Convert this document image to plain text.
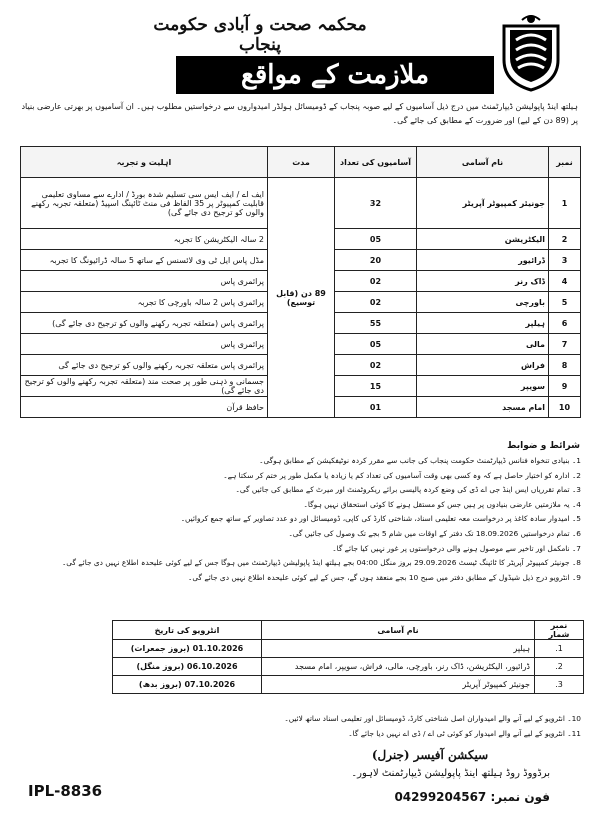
محکمہ صحت و آبادی حکومت پنجاب
ملازمت کے مواقع
ہیلتھ اینڈ پاپولیشن ڈیپارٹمنٹ میں درج ذیل آسامیوں کے لیے صوبہ پنجاب کے ڈومیسائل ہولڈر امیدواروں سے درخواستیں مطلوب ہیں۔ ان آسامیوں پر بھرتی عارضی بنیاد پر (89 دن کے لیے) اور ضرورت کے مطابق کی جائے گی۔
نمبر	نام آسامی	آسامیوں کی تعداد	مدت	اہلیت و تجربہ
1	جونیئر کمپیوٹر آپریٹر	32	89 دن (قابل توسیع)	ایف اے / ایف ایس سی تسلیم شدہ بورڈ / ادارے سے مساوی تعلیمی قابلیت کمپیوٹر پر 35 الفاظ فی منٹ ٹائپنگ اسپیڈ (متعلقہ تجربہ رکھنے والوں کو ترجیح دی جائے گی)
2	الیکٹریشن	05		2 سالہ الیکٹریشن کا تجربہ
3	ڈرائیور	20		مڈل پاس ایل ٹی وی لائسنس کے ساتھ 5 سالہ ڈرائیونگ کا تجربہ
4	ڈاک رنر	02		پرائمری پاس
5	باورچی	02		پرائمری پاس 2 سالہ باورچی کا تجربہ
6	ہیلپر	55		پرائمری پاس (متعلقہ تجربہ رکھنے والوں کو ترجیح دی جائے گی)
7	مالی	05		پرائمری پاس
8	فراش	02		پرائمری پاس متعلقہ تجربہ رکھنے والوں کو ترجیح دی جائے گی
9	سویپر	15		جسمانی و ذہنی طور پر صحت مند (متعلقہ تجربہ رکھنے والوں کو ترجیح دی جائے گی)
10	امام مسجد	01		حافظ قرآن
شرائط و ضوابط
1۔ بنیادی تنخواہ فنانس ڈیپارٹمنٹ حکومت پنجاب کی جانب سے مقرر کردہ نوٹیفکیشن کے مطابق ہوگی۔
2۔ ادارہ کو اختیار حاصل ہے کہ وہ کسی بھی وقت آسامیوں کی تعداد کم یا زیادہ یا مکمل طور پر ختم کر سکتا ہے۔
3۔ تمام تقرریاں ایس اینڈ جی اے ڈی کی وضع کردہ پالیسی برائے ریکروٹمنٹ اور میرٹ کے مطابق کی جائیں گی۔
4۔ یہ ملازمتیں عارضی بنیادوں پر ہیں جس کو مستقل ہونے کا کوئی استحقاق نہیں ہوگا۔
5۔ امیدوار سادہ کاغذ پر درخواست معہ تعلیمی اسناد، شناختی کارڈ کی کاپی، ڈومیسائل اور دو عدد تصاویر کے ساتھ جمع کروائیں۔
6۔ تمام درخواستیں 18.09.2026 تک دفتر کے اوقات میں شام 5 بجے تک وصول کی جائیں گی۔
7۔ نامکمل اور تاخیر سے موصول ہونے والی درخواستوں پر غور نہیں کیا جائے گا۔
8۔ جونیئر کمپیوٹر آپریٹر کا ٹائپنگ ٹیسٹ 29.09.2026 بروز منگل 04:00 بجے ہیلتھ اینڈ پاپولیشن ڈیپارٹمنٹ میں ہوگا جس کے لیے کوئی علیحدہ اطلاع نہیں دی جائے گی۔
9۔ انٹرویو درج ذیل شیڈول کے مطابق دفتر میں صبح 10 بجے منعقد ہوں گے، جس کے لیے کوئی علیحدہ اطلاع نہیں دی جائے گی۔
نمبر شمار	نام آسامی	انٹرویو کی تاریخ
1.	ہیلپر	01.10.2026 (بروز جمعرات)
2.	ڈرائیور، الیکٹریشن، ڈاک رنر، باورچی، مالی، فراش، سویپر، امام مسجد	06.10.2026 (بروز منگل)
3.	جونیئر کمپیوٹر آپریٹر	07.10.2026 (بروز بدھ)
10۔ انٹرویو کے لیے آنے والے امیدواران اصل شناختی کارڈ، ڈومیسائل اور تعلیمی اسناد ساتھ لائیں۔
11۔ انٹرویو کے لیے آنے والے امیدوار کو کوئی ٹی اے / ڈی اے نہیں دیا جائے گا۔
سیکشن آفیسر (جنرل)
برڈووڈ روڈ ہیلتھ اینڈ پاپولیشن ڈیپارٹمنٹ لاہور۔
فون نمبر: 04299204567
IPL-8836
